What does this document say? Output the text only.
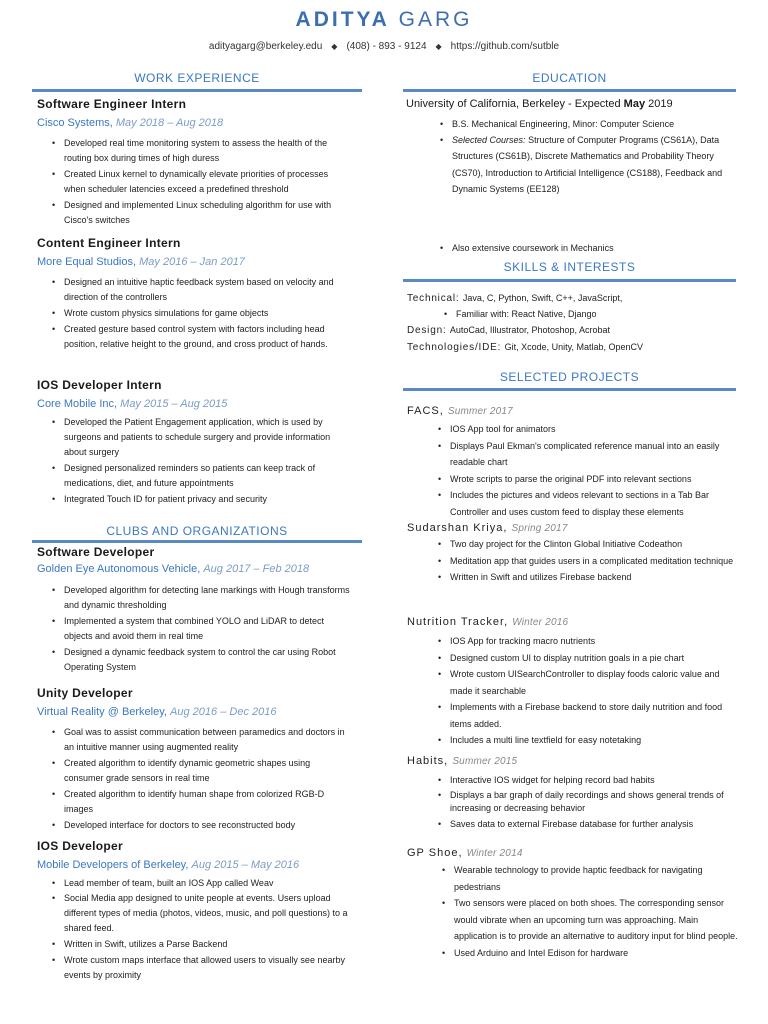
ADITYA GARG
adityagarg@berkeley.edu ◆ (408) - 893 - 9124 ◆ https://github.com/sutble
WORK EXPERIENCE
Software Engineer Intern
Cisco Systems, May 2018 – Aug 2018
• Developed real time monitoring system to assess the health of the routing box during times of high duress
• Created Linux kernel to dynamically elevate priorities of processes when scheduler latencies exceed a predefined threshold
• Designed and implemented Linux scheduling algorithm for use with Cisco's switches
Content Engineer Intern
More Equal Studios, May 2016 – Jan 2017
• Designed an intuitive haptic feedback system based on velocity and direction of the controllers
• Wrote custom physics simulations for game objects
• Created gesture based control system with factors including head position, relative height to the ground, and cross product of hands.
IOS Developer Intern
Core Mobile Inc, May 2015 – Aug 2015
• Developed the Patient Engagement application, which is used by surgeons and patients to schedule surgery and provide information about surgery
• Designed personalized reminders so patients can keep track of medications, diet, and future appointments
• Integrated Touch ID for patient privacy and security
CLUBS AND ORGANIZATIONS
Software Developer
Golden Eye Autonomous Vehicle, Aug 2017 – Feb 2018
• Developed algorithm for detecting lane markings with Hough transforms and dynamic thresholding
• Implemented a system that combined YOLO and LiDAR to detect objects and avoid them in real time
• Designed a dynamic feedback system to control the car using Robot Operating System
Unity Developer
Virtual Reality @ Berkeley, Aug 2016 – Dec 2016
• Goal was to assist communication between paramedics and doctors in an intuitive manner using augmented reality
• Created algorithm to identify dynamic geometric shapes using consumer grade sensors in real time
• Created algorithm to identify human shape from colorized RGB-D images
• Developed interface for doctors to see reconstructed body
IOS Developer
Mobile Developers of Berkeley, Aug 2015 – May 2016
• Lead member of team, built an IOS App called Weav
• Social Media app designed to unite people at events. Users upload different types of media (photos, videos, music, and poll questions) to a shared feed.
• Written in Swift, utilizes a Parse Backend
• Wrote custom maps interface that allowed users to visually see nearby events by proximity
EDUCATION
University of California, Berkeley - Expected May 2019
• B.S. Mechanical Engineering, Minor: Computer Science
• Selected Courses: Structure of Computer Programs (CS61A), Data Structures (CS61B), Discrete Mathematics and Probability Theory (CS70), Introduction to Artificial Intelligence (CS188), Feedback and Dynamic Systems (EE128)
• Also extensive coursework in Mechanics
SKILLS & INTERESTS
Technical: Java, C, Python, Swift, C++, JavaScript,
• Familiar with: React Native, Django
Design: AutoCad, Illustrator, Photoshop, Acrobat
Technologies/IDE: Git, Xcode, Unity, Matlab, OpenCV
SELECTED PROJECTS
FACS, Summer 2017
• IOS App tool for animators
• Displays Paul Ekman's complicated reference manual into an easily readable chart
• Wrote scripts to parse the original PDF into relevant sections
• Includes the pictures and videos relevant to sections in a Tab Bar Controller and uses custom feed to display these elements
Sudarshan Kriya, Spring 2017
• Two day project for the Clinton Global Initiative Codeathon
• Meditation app that guides users in a complicated meditation technique
• Written in Swift and utilizes Firebase backend
Nutrition Tracker, Winter 2016
• IOS App for tracking macro nutrients
• Designed custom UI to display nutrition goals in a pie chart
• Wrote custom UISearchController to display foods caloric value and made it searchable
• Implements with a Firebase backend to store daily nutrition and food items added.
• Includes a multi line textfield for easy notetaking
Habits, Summer 2015
• Interactive IOS widget for helping record bad habits
• Displays a bar graph of daily recordings and shows general trends of increasing or decreasing behavior
• Saves data to external Firebase database for further analysis
GP Shoe, Winter 2014
• Wearable technology to provide haptic feedback for navigating pedestrians
• Two sensors were placed on both shoes. The corresponding sensor would vibrate when an upcoming turn was approaching. Main application is to provide an alternative to auditory input for blind people.
• Used Arduino and Intel Edison for hardware
